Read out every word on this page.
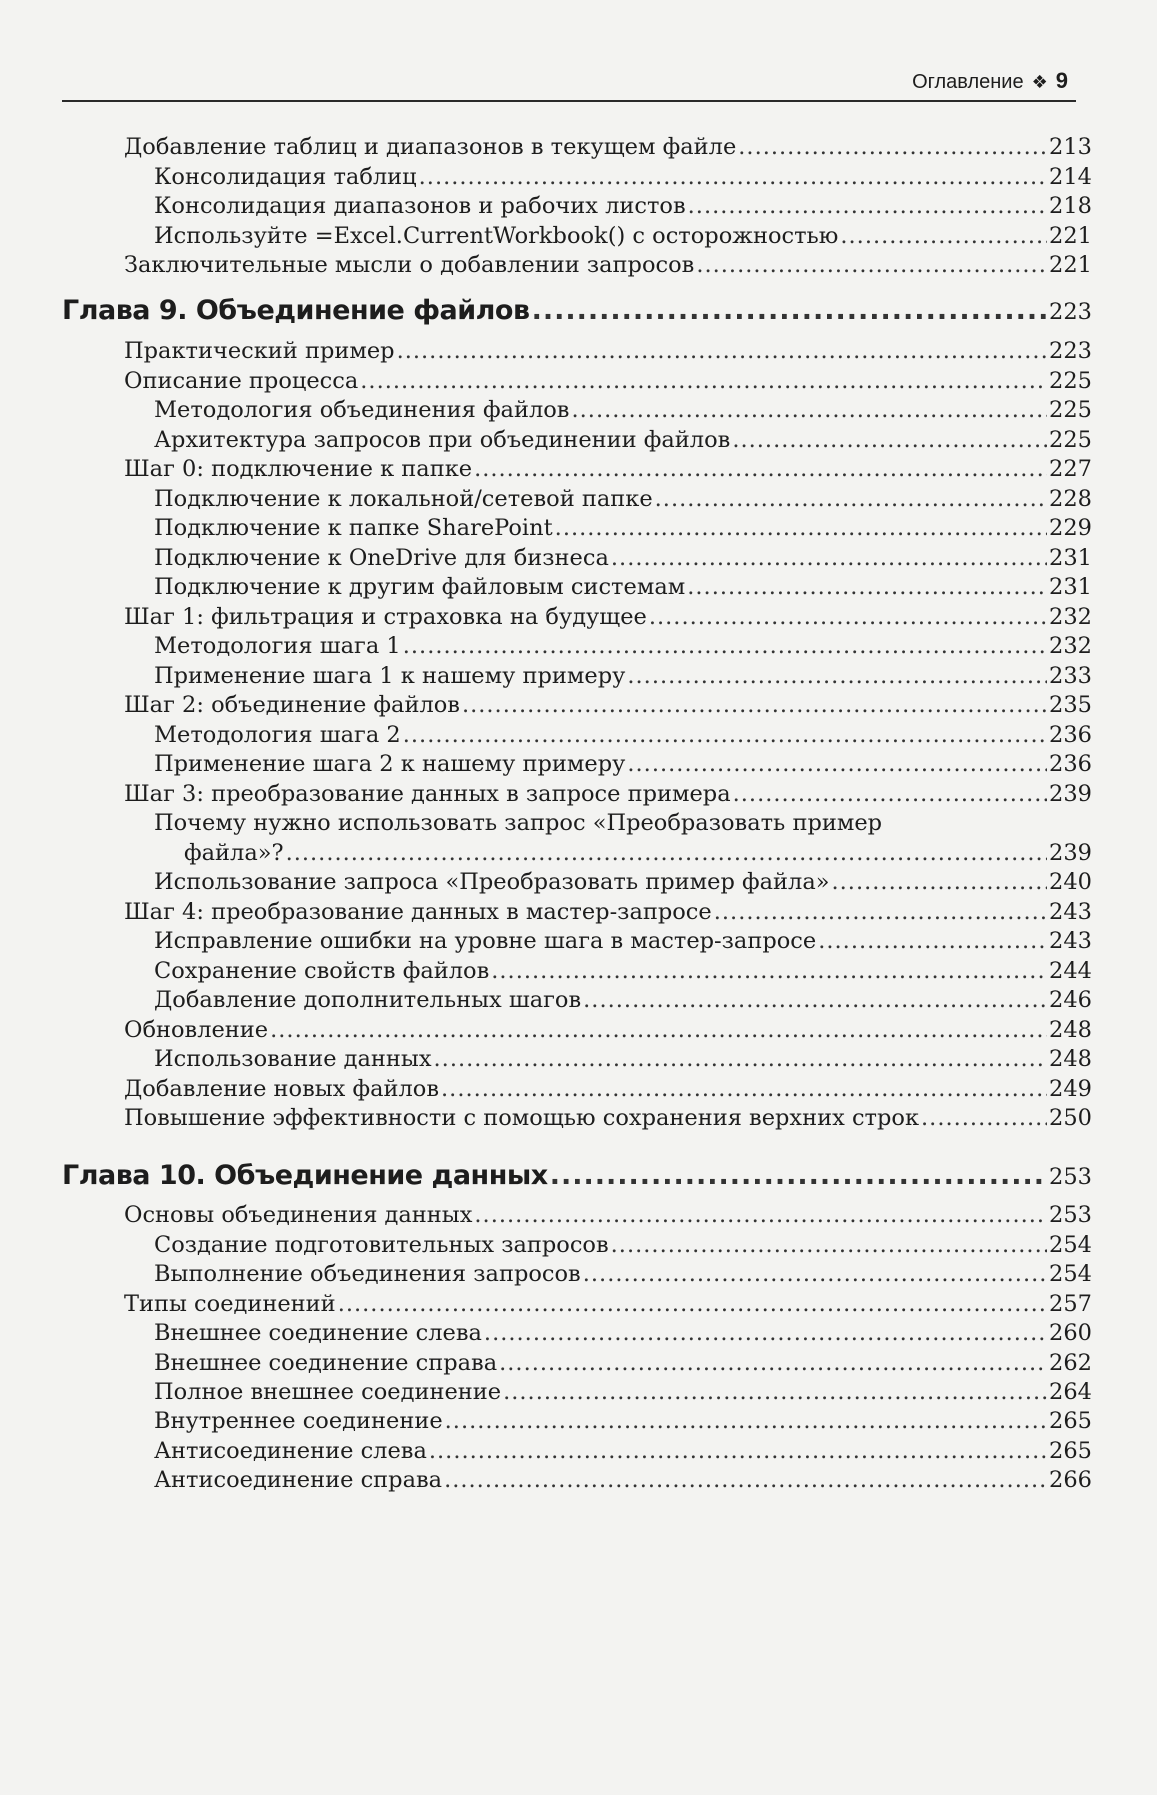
Оглавление ❖ 9
Добавление таблиц и диапазонов в текущем файле .....	213
Консолидация таблиц .....	214
Консолидация диапазонов и рабочих листов .....	218
Используйте =Excel.CurrentWorkbook() с осторожностью .....	221
Заключительные мысли о добавлении запросов .....	221
Глава 9. Объединение файлов .....	223
Практический пример .....	223
Описание процесса .....	225
Методология объединения файлов .....	225
Архитектура запросов при объединении файлов .....	225
Шаг 0: подключение к папке .....	227
Подключение к локальной/сетевой папке .....	228
Подключение к папке SharePoint .....	229
Подключение к OneDrive для бизнеса .....	231
Подключение к другим файловым системам .....	231
Шаг 1: фильтрация и страховка на будущее .....	232
Методология шага 1 .....	232
Применение шага 1 к нашему примеру .....	233
Шаг 2: объединение файлов .....	235
Методология шага 2 .....	236
Применение шага 2 к нашему примеру .....	236
Шаг 3: преобразование данных в запросе примера .....	239
Почему нужно использовать запрос «Преобразовать пример
файла»? .....	239
Использование запроса «Преобразовать пример файла» .....	240
Шаг 4: преобразование данных в мастер-запросе .....	243
Исправление ошибки на уровне шага в мастер-запросе .....	243
Сохранение свойств файлов .....	244
Добавление дополнительных шагов .....	246
Обновление .....	248
Использование данных .....	248
Добавление новых файлов .....	249
Повышение эффективности с помощью сохранения верхних строк .....	250
Глава 10. Объединение данных .....	253
Основы объединения данных .....	253
Создание подготовительных запросов .....	254
Выполнение объединения запросов .....	254
Типы соединений .....	257
Внешнее соединение слева .....	260
Внешнее соединение справа .....	262
Полное внешнее соединение .....	264
Внутреннее соединение .....	265
Антисоединение слева .....	265
Антисоединение справа .....	266
